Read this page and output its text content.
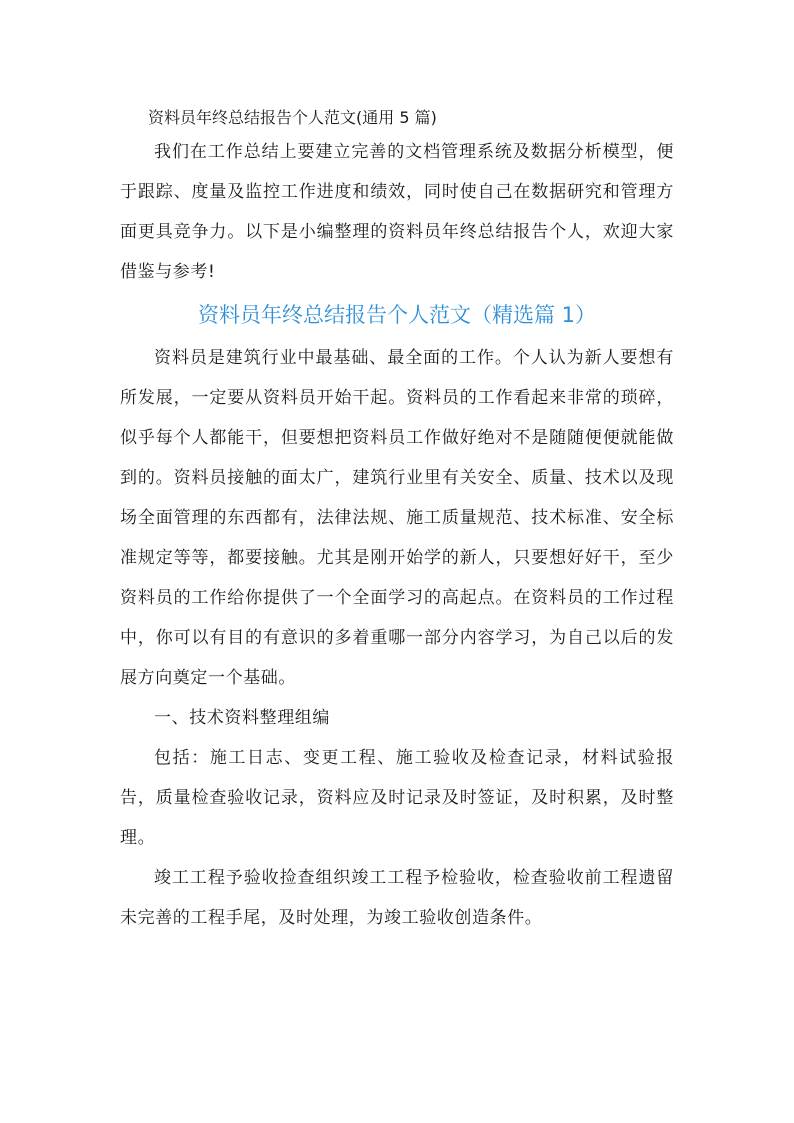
资料员年终总结报告个人范文(通用 5 篇)

我们在工作总结上要建立完善的文档管理系统及数据分析模型，便于跟踪、度量及监控工作进度和绩效，同时使自己在数据研究和管理方面更具竞争力。以下是小编整理的资料员年终总结报告个人，欢迎大家借鉴与参考!

资料员年终总结报告个人范文（精选篇 1）

资料员是建筑行业中最基础、最全面的工作。个人认为新人要想有所发展，一定要从资料员开始干起。资料员的工作看起来非常的琐碎，似乎每个人都能干，但要想把资料员工作做好绝对不是随随便便就能做到的。资料员接触的面太广，建筑行业里有关安全、质量、技术以及现场全面管理的东西都有，法律法规、施工质量规范、技术标准、安全标准规定等等，都要接触。尤其是刚开始学的新人，只要想好好干，至少资料员的工作给你提供了一个全面学习的高起点。在资料员的工作过程中，你可以有目的有意识的多着重哪一部分内容学习，为自己以后的发展方向奠定一个基础。

一、技术资料整理组编

包括：施工日志、变更工程、施工验收及检查记录，材料试验报告，质量检查验收记录，资料应及时记录及时签证，及时积累，及时整理。

竣工工程予验收捡查组织竣工工程予检验收，检查验收前工程遗留未完善的工程手尾，及时处理，为竣工验收创造条件。
